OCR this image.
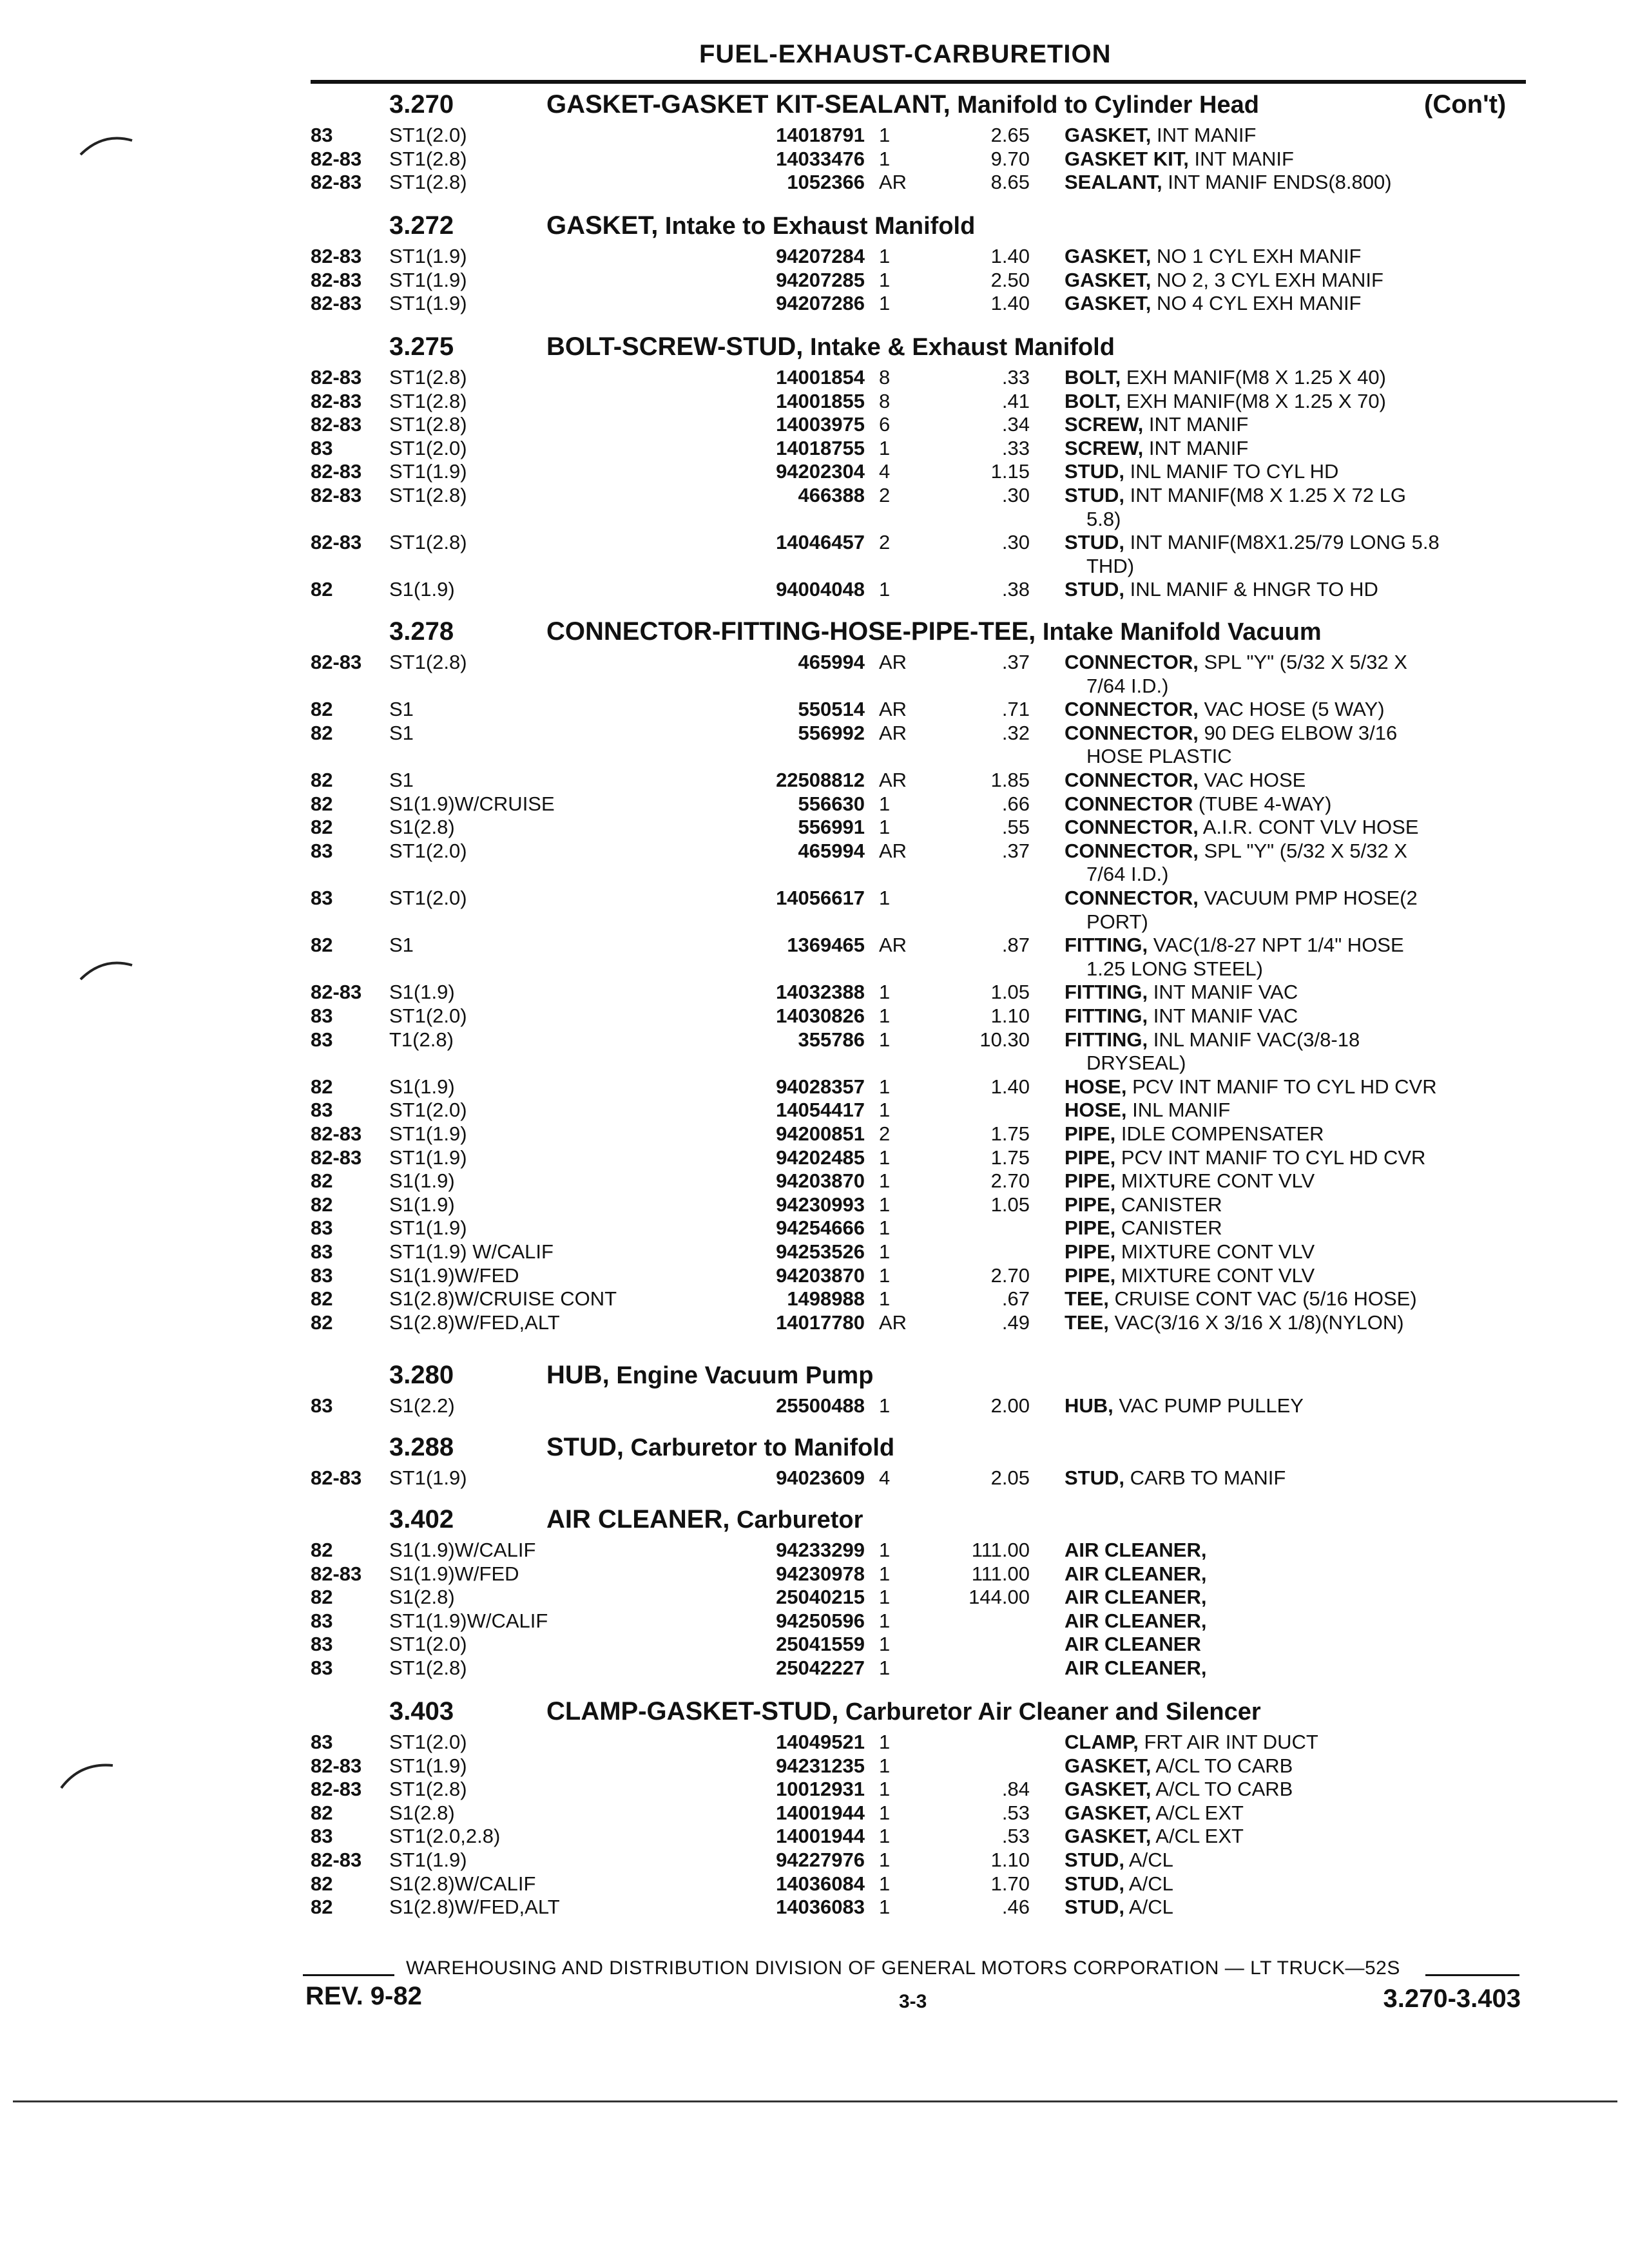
FUEL-EXHAUST-CARBURETION
3.270	GASKET-GASKET KIT-SEALANT, Manifold to Cylinder Head	(Con't)
83	ST1(2.0)	14018791 1	2.65 GASKET, INT MANIF
82-83 ST1(2.8)	14033476 1	9.70 GASKET KIT, INT MANIF
82-83 ST1(2.8)	1052366 AR	8.65 SEALANT, INT MANIF ENDS(8.800)
3.272	GASKET, Intake to Exhaust Manifold
82-83 ST1(1.9)	94207284 1	1.40 GASKET, NO 1 CYL EXH MANIF
82-83 ST1(1.9)	94207285 1	2.50 GASKET, NO 2, 3 CYL EXH MANIF
82-83 ST1(1.9)	94207286 1	1.40 GASKET, NO 4 CYL EXH MANIF
3.275	BOLT-SCREW-STUD, Intake & Exhaust Manifold
82-83 ST1(2.8)	14001854 8	.33 BOLT, EXH MANIF(M8 X 1.25 X 40)
82-83 ST1(2.8)	14001855 8	.41 BOLT, EXH MANIF(M8 X 1.25 X 70)
82-83 ST1(2.8)	14003975 6	.34 SCREW, INT MANIF
83	ST1(2.0)	14018755 1	.33 SCREW, INT MANIF
82-83 ST1(1.9)	94202304 4	1.15 STUD, INL MANIF TO CYL HD
82-83 ST1(2.8)	466388 2	.30 STUD, INT MANIF(M8 X 1.25 X 72 LG
5.8)
82-83 ST1(2.8)	14046457 2	.30 STUD, INT MANIF(M8X1.25/79 LONG 5.8
THD)
82	S1(1.9)	94004048 1	.38 STUD, INL MANIF & HNGR TO HD
3.278	CONNECTOR-FITTING-HOSE-PIPE-TEE, Intake Manifold Vacuum
82-83 ST1(2.8)	465994 AR	.37 CONNECTOR, SPL "Y" (5/32 X 5/32 X
7/64 I.D.)
82	S1	550514 AR	.71 CONNECTOR, VAC HOSE (5 WAY)
82	S1	556992 AR	.32 CONNECTOR, 90 DEG ELBOW 3/16
HOSE PLASTIC
82	S1	22508812 AR	1.85 CONNECTOR, VAC HOSE
82	S1(1.9)W/CRUISE	556630 1	.66 CONNECTOR (TUBE 4-WAY)
82	S1(2.8)	556991 1	.55 CONNECTOR, A.I.R. CONT VLV HOSE
83	ST1(2.0)	465994 AR	.37 CONNECTOR, SPL "Y" (5/32 X 5/32 X
7/64 I.D.)
83	ST1(2.0)	14056617 1	CONNECTOR, VACUUM PMP HOSE(2
PORT)
82	S1	1369465 AR	.87 FITTING, VAC(1/8-27 NPT 1/4" HOSE
1.25 LONG STEEL)
82-83 S1(1.9)	14032388 1	1.05 FITTING, INT MANIF VAC
83	ST1(2.0)	14030826 1	1.10 FITTING, INT MANIF VAC
83	T1(2.8)	355786 1	10.30 FITTING, INL MANIF VAC(3/8-18
DRYSEAL)
82	S1(1.9)	94028357 1	1.40 HOSE, PCV INT MANIF TO CYL HD CVR
83	ST1(2.0)	14054417 1	HOSE, INL MANIF
82-83 ST1(1.9)	94200851 2	1.75 PIPE, IDLE COMPENSATER
82-83 ST1(1.9)	94202485 1	1.75 PIPE, PCV INT MANIF TO CYL HD CVR
82	S1(1.9)	94203870 1	2.70 PIPE, MIXTURE CONT VLV
82	S1(1.9)	94230993 1	1.05 PIPE, CANISTER
83	ST1(1.9)	94254666 1	PIPE, CANISTER
83	ST1(1.9) W/CALIF	94253526 1	PIPE, MIXTURE CONT VLV
83	S1(1.9)W/FED	94203870 1	2.70 PIPE, MIXTURE CONT VLV
82	S1(2.8)W/CRUISE CONT	1498988 1	.67 TEE, CRUISE CONT VAC (5/16 HOSE)
82	S1(2.8)W/FED,ALT	14017780 AR	.49 TEE, VAC(3/16 X 3/16 X 1/8)(NYLON)
3.280	HUB, Engine Vacuum Pump
83	S1(2.2)	25500488 1	2.00 HUB, VAC PUMP PULLEY
3.288	STUD, Carburetor to Manifold
82-83 ST1(1.9)	94023609 4	2.05 STUD, CARB TO MANIF
3.402	AIR CLEANER, Carburetor
82	S1(1.9)W/CALIF	94233299 1	111.00 AIR CLEANER,
82-83 S1(1.9)W/FED	94230978 1	111.00 AIR CLEANER,
82	S1(2.8)	25040215 1	144.00 AIR CLEANER,
83	ST1(1.9)W/CALIF	94250596 1	AIR CLEANER,
83	ST1(2.0)	25041559 1	AIR CLEANER
83	ST1(2.8)	25042227 1	AIR CLEANER,
3.403	CLAMP-GASKET-STUD, Carburetor Air Cleaner and Silencer
83	ST1(2.0)	14049521 1	CLAMP, FRT AIR INT DUCT
82-83 ST1(1.9)	94231235 1	GASKET, A/CL TO CARB
82-83 ST1(2.8)	10012931 1	.84 GASKET, A/CL TO CARB
82	S1(2.8)	14001944 1	.53 GASKET, A/CL EXT
83	ST1(2.0,2.8)	14001944 1	.53 GASKET, A/CL EXT
82-83 ST1(1.9)	94227976 1	1.10 STUD, A/CL
82	S1(2.8)W/CALIF	14036084 1	1.70 STUD, A/CL
82	S1(2.8)W/FED,ALT	14036083 1	.46 STUD, A/CL
WAREHOUSING AND DISTRIBUTION DIVISION OF GENERAL MOTORS CORPORATION — LT TRUCK—52S
REV. 9-82	3-3	3.270-3.403
